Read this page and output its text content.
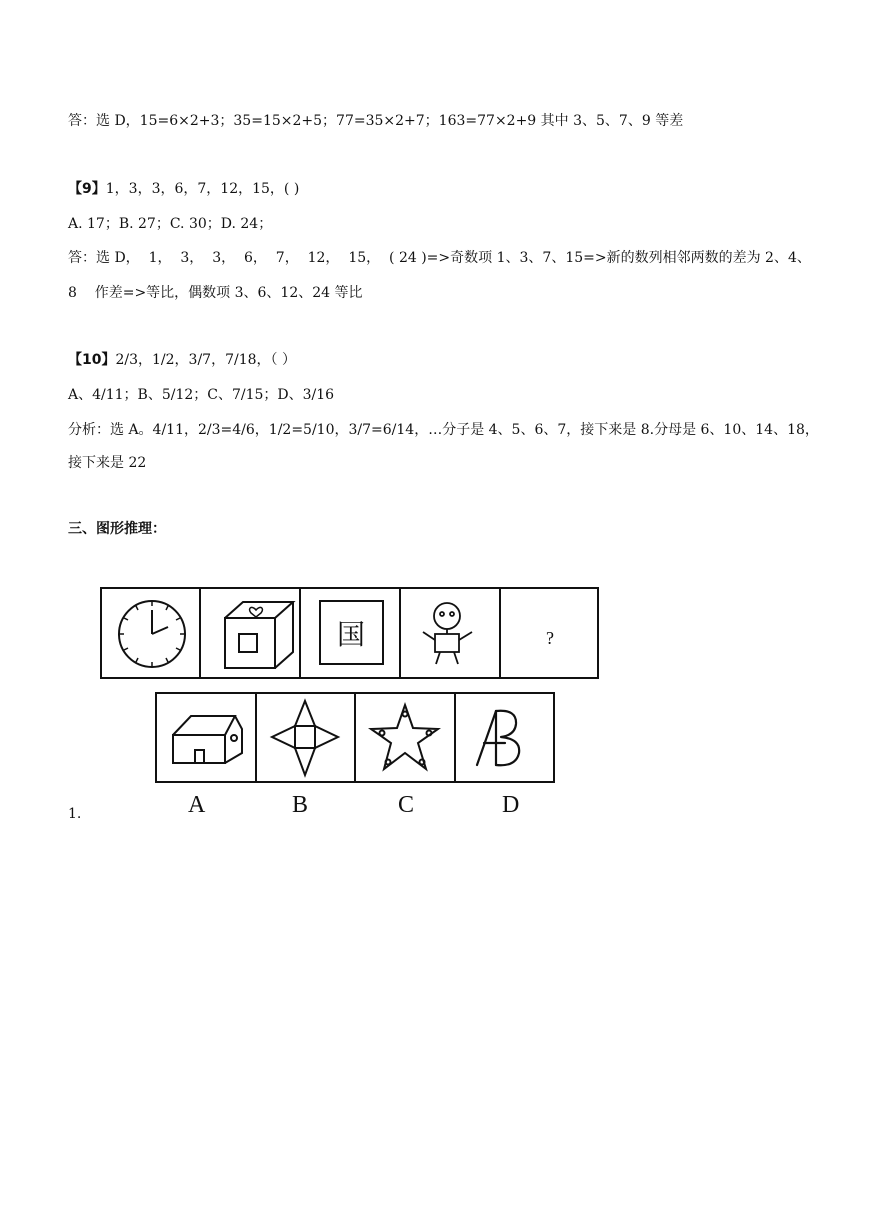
答：选 D，15=6×2+3；35=15×2+5；77=35×2+7；163=77×2+9 其中 3、5、7、9 等差
【9】1，3，3，6，7，12，15，( )
A. 17；B. 27；C. 30；D. 24；
答：选 D，  1，  3，  3，  6，  7，  12，  15，  ( 24 )=>奇数项 1、3、7、15=>新的数列相邻两数的差为 2、4、
8    作差=>等比，偶数项 3、6、12、24 等比
【10】2/3，1/2，3/7，7/18，（ ）
A、4/11；B、5/12；C、7/15；D、3/16
分析：选 A。4/11，2/3=4/6，1/2=5/10，3/7=6/14，…分子是 4、5、6、7，接下来是 8.分母是 6、10、14、18，
接下来是 22
三、图形推理：
国	?
A	B	C	D
1.
